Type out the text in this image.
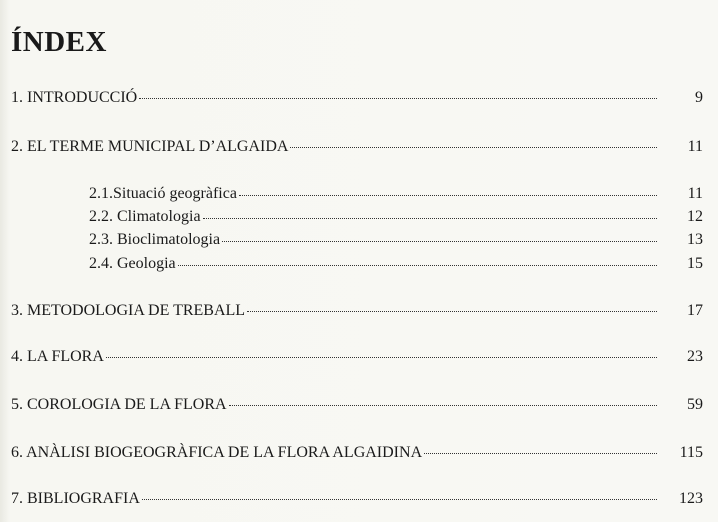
ÍNDEX
1. INTRODUCCIÓ	9
2. EL TERME MUNICIPAL D’ALGAIDA	11
2.1.Situació geogràfica	11
2.2. Climatologia	12
2.3. Bioclimatologia	13
2.4. Geologia	15
3. METODOLOGIA DE TREBALL	17
4. LA FLORA	23
5. COROLOGIA DE LA FLORA	59
6. ANÀLISI BIOGEOGRÀFICA DE LA FLORA ALGAIDINA	115
7. BIBLIOGRAFIA	123
